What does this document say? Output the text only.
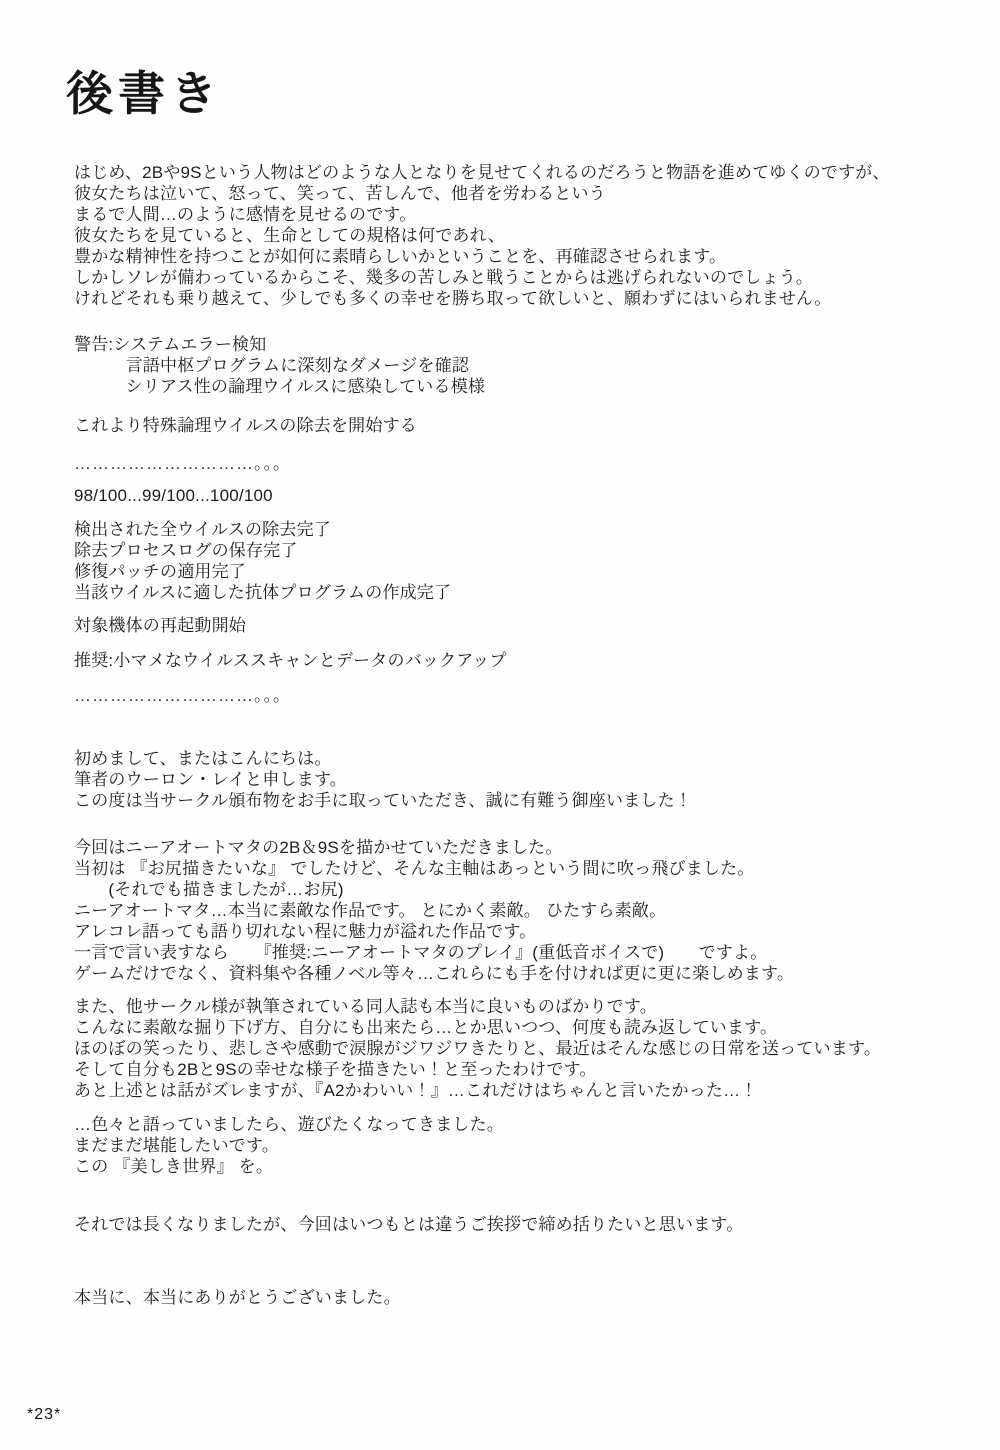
後書き
はじめ、2Bや9Sという人物はどのような人となりを見せてくれるのだろうと物語を進めてゆくのですが、
彼女たちは泣いて、怒って、笑って、苦しんで、他者を労わるという
まるで人間…のように感情を見せるのです。
彼女たちを見ていると、生命としての規格は何であれ、
豊かな精神性を持つことが如何に素晴らしいかということを、再確認させられます。
しかしソレが備わっているからこそ、幾多の苦しみと戦うことからは逃げられないのでしょう。
けれどそれも乗り越えて、少しでも多くの幸せを勝ち取って欲しいと、願わずにはいられません。
警告:システムエラー検知
　　　言語中枢プログラムに深刻なダメージを確認
　　　シリアス性の論理ウイルスに感染している模様
これより特殊論理ウイルスの除去を開始する
…………………………。。。
98/100...99/100...100/100
検出された全ウイルスの除去完了
除去プロセスログの保存完了
修復パッチの適用完了
当該ウイルスに適した抗体プログラムの作成完了
対象機体の再起動開始
推奨:小マメなウイルススキャンとデータのバックアップ
…………………………。。。
初めまして、またはこんにちは。
筆者のウーロン・レイと申します。
この度は当サークル頒布物をお手に取っていただき、誠に有難う御座いました！
今回はニーアオートマタの2B＆9Sを描かせていただきました。
当初は 『お尻描きたいな』 でしたけど、そんな主軸はあっという間に吹っ飛びました。
　　(それでも描きましたが…お尻)
ニーアオートマタ…本当に素敵な作品です。 とにかく素敵。 ひたすら素敵。
アレコレ語っても語り切れない程に魅力が溢れた作品です。
一言で言い表すなら　　『推奨:ニーアオートマタのプレイ』(重低音ボイスで)　　ですよ。
ゲームだけでなく、資料集や各種ノベル等々…これらにも手を付ければ更に更に楽しめます。
また、他サークル様が執筆されている同人誌も本当に良いものばかりです。
こんなに素敵な掘り下げ方、自分にも出来たら…とか思いつつ、何度も読み返しています。
ほのぼの笑ったり、悲しさや感動で涙腺がジワジワきたりと、最近はそんな感じの日常を送っています。
そして自分も2Bと9Sの幸せな様子を描きたい！と至ったわけです。
あと上述とは話がズレますが、『A2かわいい！』…これだけはちゃんと言いたかった…！
…色々と語っていましたら、遊びたくなってきました。
まだまだ堪能したいです。
この 『美しき世界』 を。
それでは長くなりましたが、今回はいつもとは違うご挨拶で締め括りたいと思います。
本当に、本当にありがとうございました。
*23*
